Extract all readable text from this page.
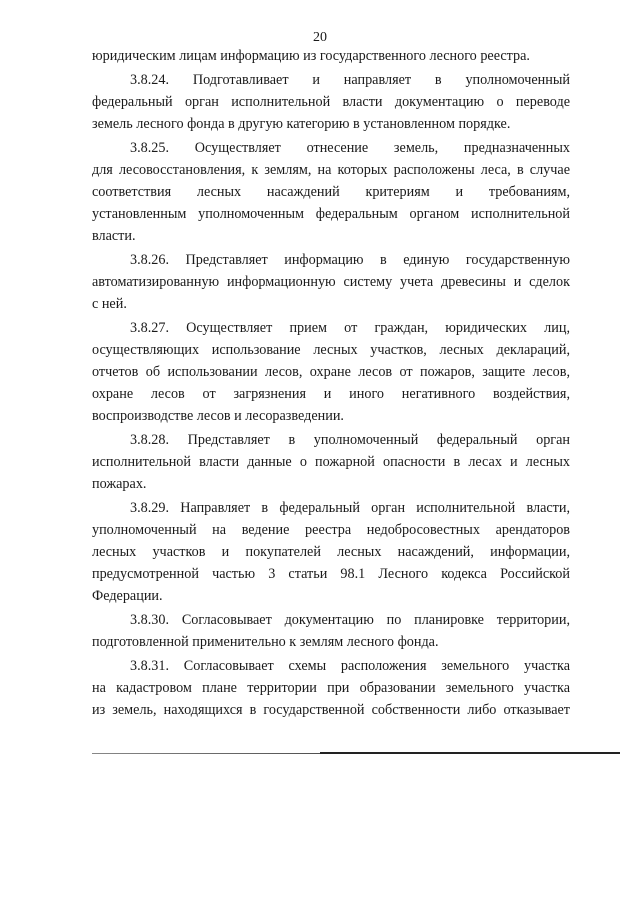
20
юридическим лицам информацию из государственного лесного реестра.
3.8.24. Подготавливает и направляет в уполномоченный
федеральный орган исполнительной власти документацию о переводе
земель лесного фонда в другую категорию в установленном порядке.
3.8.25. Осуществляет отнесение земель, предназначенных
для лесовосстановления, к землям, на которых расположены леса, в случае
соответствия лесных насаждений критериям и требованиям,
установленным уполномоченным федеральным органом исполнительной
власти.
3.8.26. Представляет информацию в единую государственную
автоматизированную информационную систему учета древесины и сделок
с ней.
3.8.27. Осуществляет прием от граждан, юридических лиц,
осуществляющих использование лесных участков, лесных деклараций,
отчетов об использовании лесов, охране лесов от пожаров, защите лесов,
охране лесов от загрязнения и иного негативного воздействия,
воспроизводстве лесов и лесоразведении.
3.8.28. Представляет в уполномоченный федеральный орган
исполнительной власти данные о пожарной опасности в лесах и лесных
пожарах.
3.8.29. Направляет в федеральный орган исполнительной власти,
уполномоченный на ведение реестра недобросовестных арендаторов
лесных участков и покупателей лесных насаждений, информации,
предусмотренной частью 3 статьи 98.1 Лесного кодекса Российской
Федерации.
3.8.30. Согласовывает документацию по планировке территории,
подготовленной применительно к землям лесного фонда.
3.8.31. Согласовывает схемы расположения земельного участка
на кадастровом плане территории при образовании земельного участка
из земель, находящихся в государственной собственности либо отказывает
